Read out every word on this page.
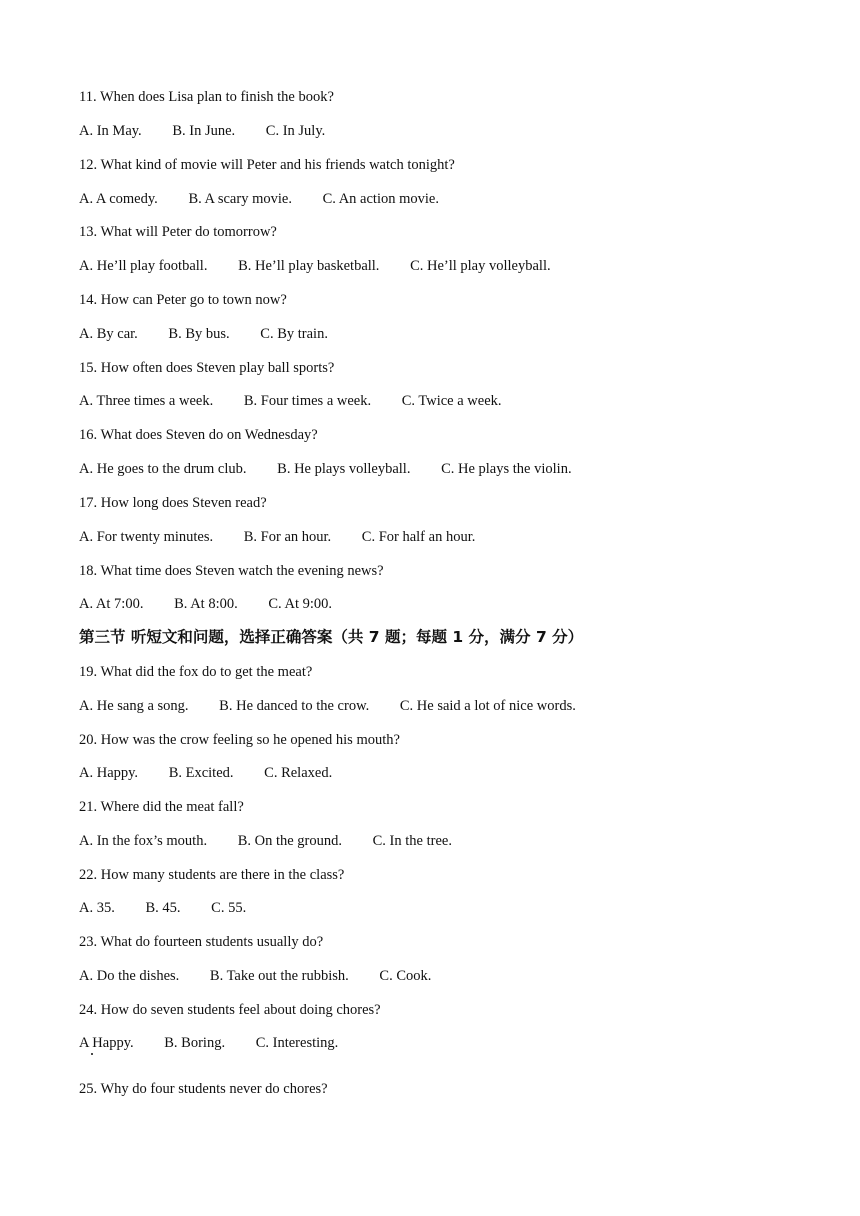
11. When does Lisa plan to finish the book?
A. In May. B. In June. C. In July.
12. What kind of movie will Peter and his friends watch tonight?
A. A comedy. B. A scary movie. C. An action movie.
13. What will Peter do tomorrow?
A. He’ll play football. B. He’ll play basketball. C. He’ll play volleyball.
14. How can Peter go to town now?
A. By car. B. By bus. C. By train.
15. How often does Steven play ball sports?
A. Three times a week. B. Four times a week. C. Twice a week.
16. What does Steven do on Wednesday?
A. He goes to the drum club. B. He plays volleyball. C. He plays the violin.
17. How long does Steven read?
A. For twenty minutes. B. For an hour. C. For half an hour.
18. What time does Steven watch the evening news?
A. At 7:00. B. At 8:00. C. At 9:00.
第三节 听短文和问题，选择正确答案（共 7 题；每题 1 分，满分 7 分）
19. What did the fox do to get the meat?
A. He sang a song. B. He danced to the crow. C. He said a lot of nice words.
20. How was the crow feeling so he opened his mouth?
A. Happy. B. Excited. C. Relaxed.
21. Where did the meat fall?
A. In the fox’s mouth. B. On the ground. C. In the tree.
22. How many students are there in the class?
A. 35. B. 45. C. 55.
23. What do fourteen students usually do?
A. Do the dishes. B. Take out the rubbish. C. Cook.
24. How do seven students feel about doing chores?
A Happy. B. Boring. C. Interesting.
25. Why do four students never do chores?
